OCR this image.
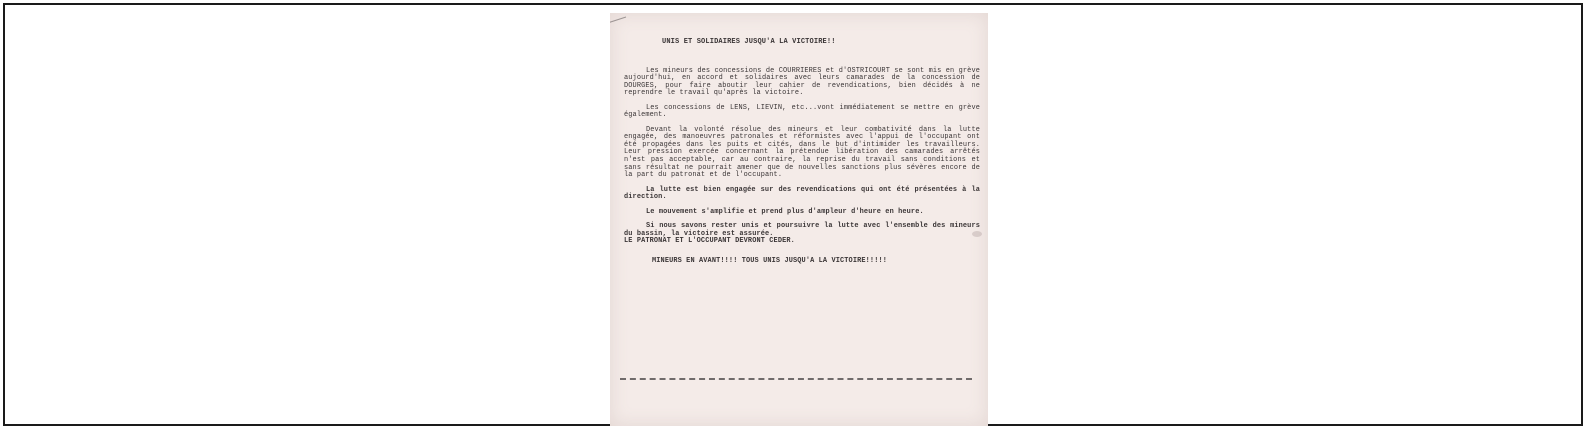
UNIS ET SOLIDAIRES JUSQU'A LA VICTOIRE!!

Les mineurs des concessions de COURRIERES et d'OSTRICOURT se sont mis en grève aujourd'hui, en accord et solidaires avec leurs camarades de la concession de DOURGES, pour faire aboutir leur cahier de revendications, bien décidés à ne reprendre le travail qu'après la victoire.

Les concessions de LENS, LIEVIN, etc...vont immédiatement se mettre en grève également.

Devant la volonté résolue des mineurs et leur combativité dans la lutte engagée, des manoeuvres patronales et réformistes avec l'appui de l'occupant ont été propagées dans les puits et cités, dans le but d'intimider les travailleurs. Leur pression exercée concernant la prétendue libération des camarades arrêtés n'est pas acceptable, car au contraire, la reprise du travail sans conditions et sans résultat ne pourrait amener que de nouvelles sanctions plus sévères encore de la part du patronat et de l'occupant.

La lutte est bien engagée sur des revendications qui ont été présentées à la direction.

Le mouvement s'amplifie et prend plus d'ampleur d'heure en heure.

Si nous savons rester unis et poursuivre la lutte avec l'ensemble des mineurs du bassin, la victoire est assurée.
LE PATRONAT ET L'OCCUPANT DEVRONT CEDER.

MINEURS EN AVANT!!!! TOUS UNIS JUSQU'A LA VICTOIRE!!!!!
